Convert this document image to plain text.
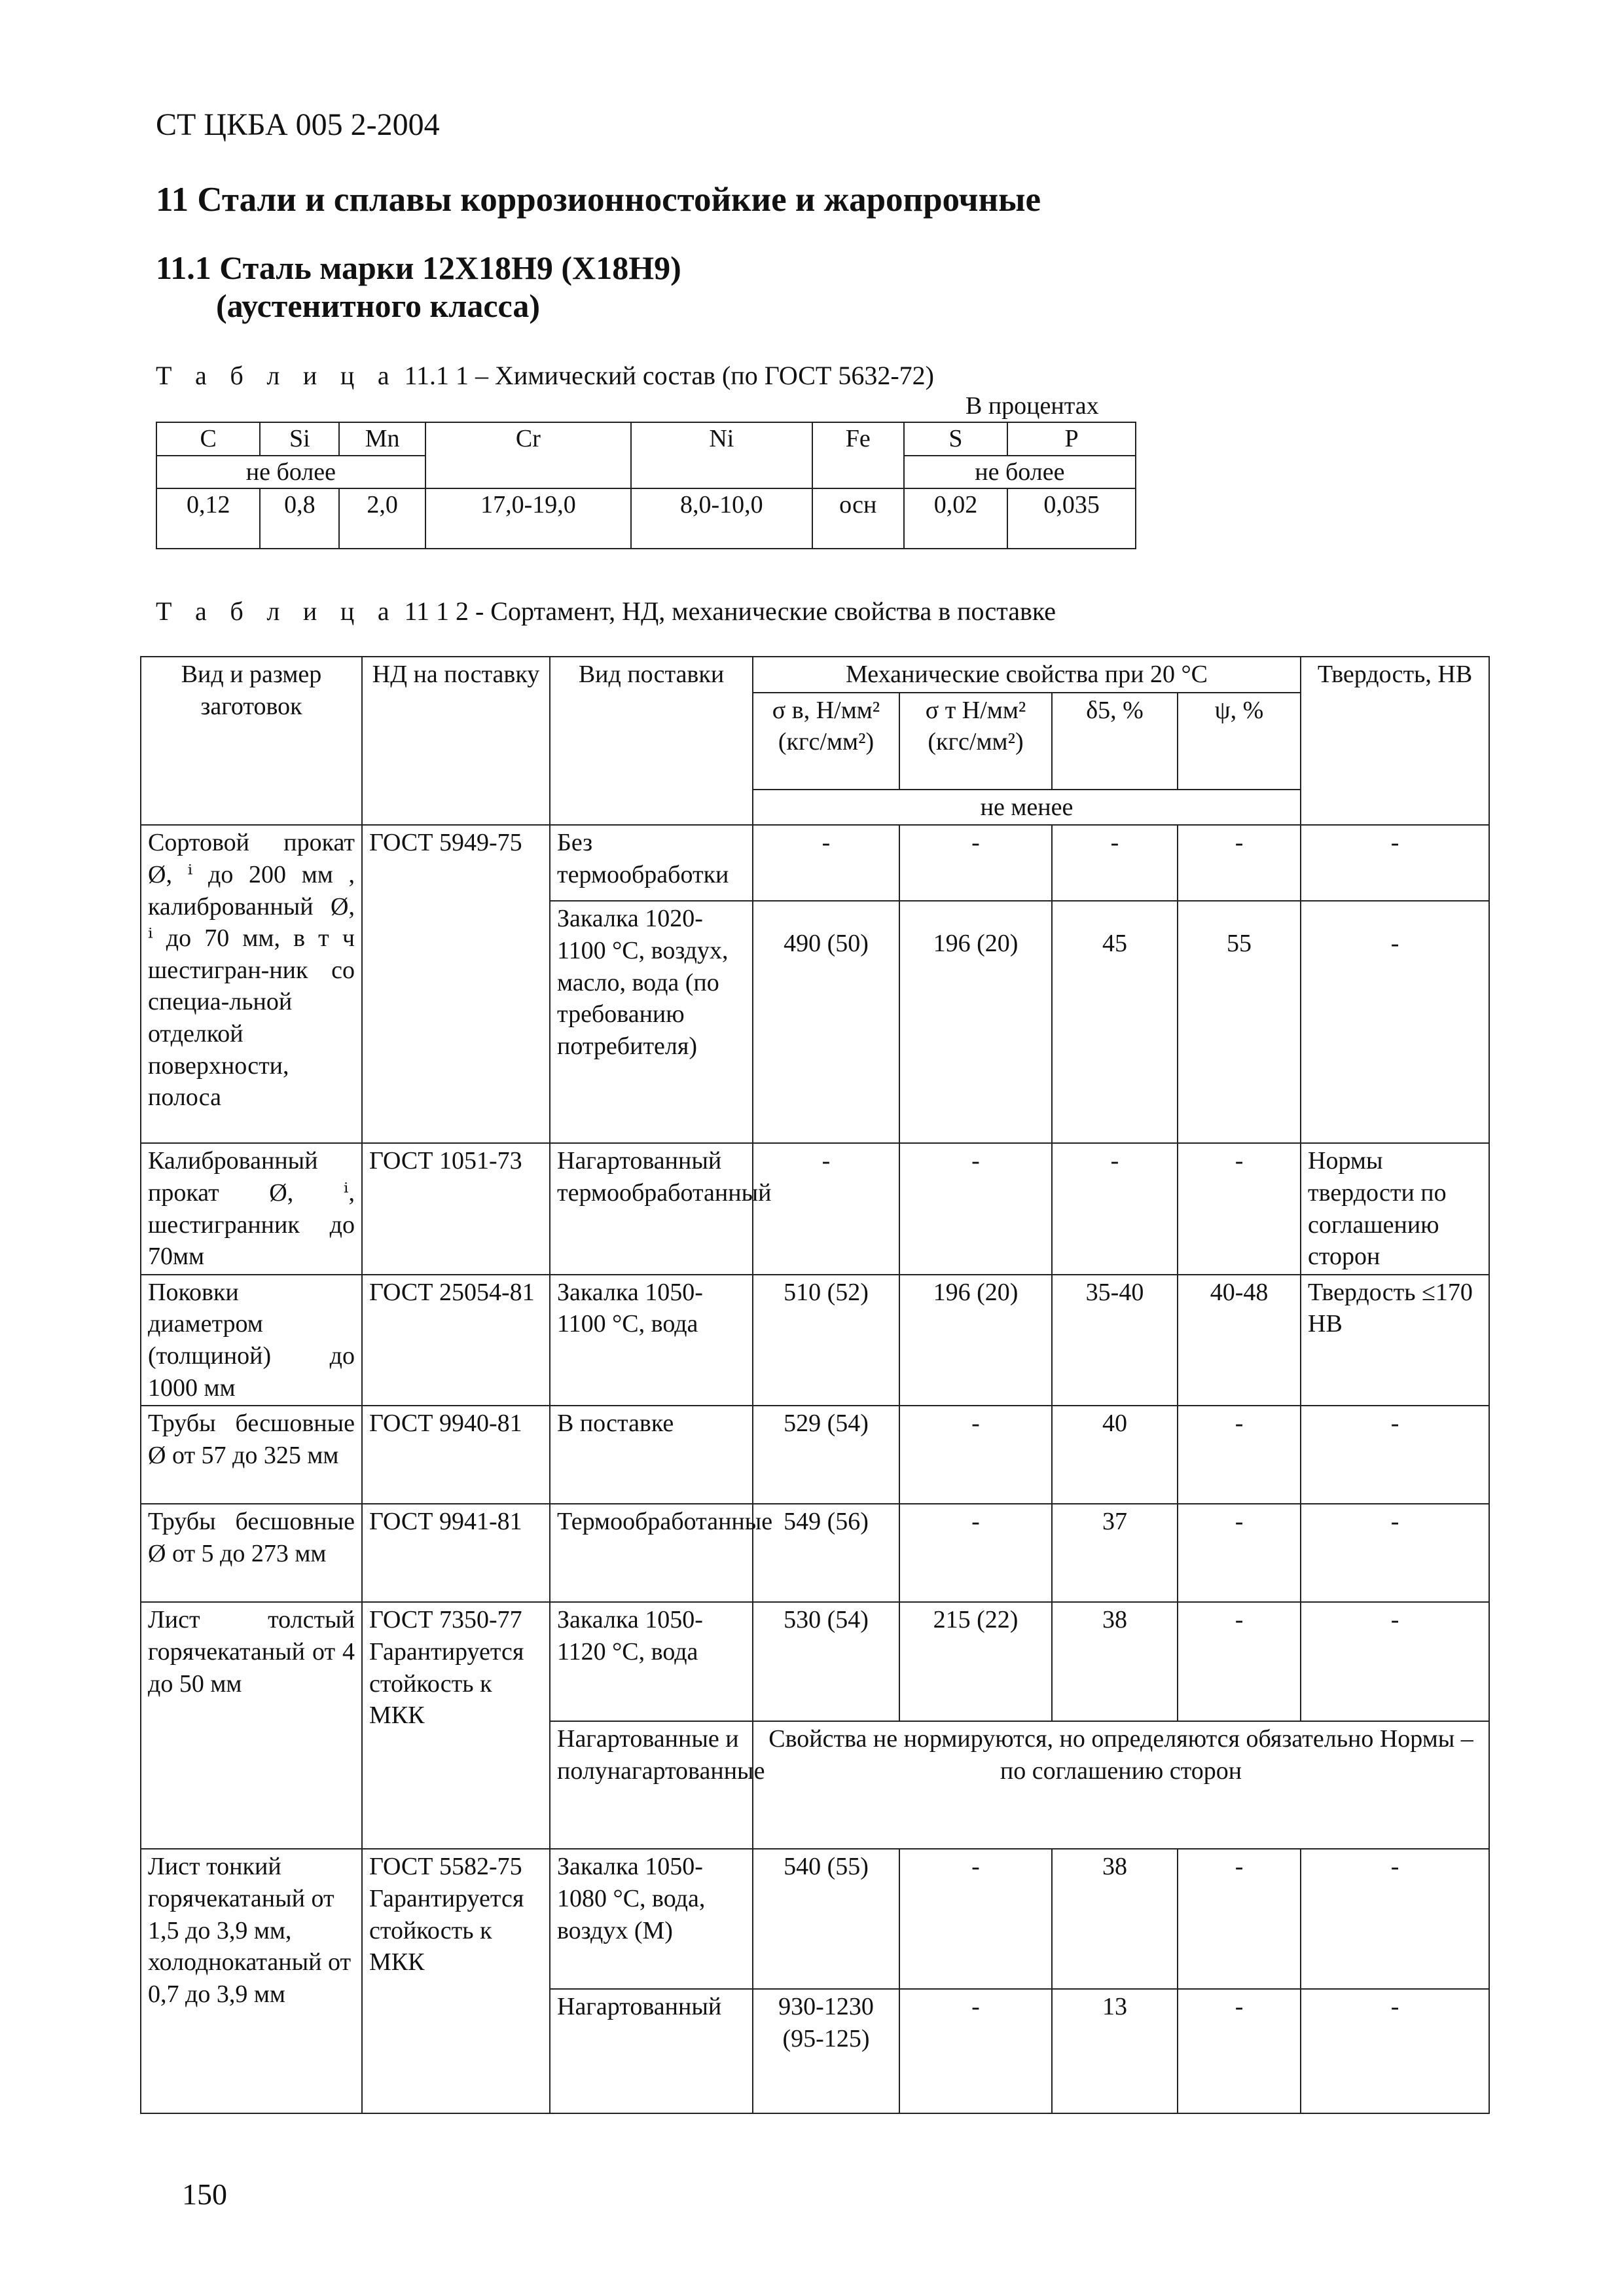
СТ ЦКБА 005 2-2004
11 Стали и сплавы коррозионностойкие и жаропрочные
11.1 Сталь марки 12Х18Н9 (Х18Н9)
(аустенитного класса)
Т а б л и ц а 11.1 1 – Химический состав (по ГОСТ 5632-72)
В процентах
С	Si	Mn	Cr	Ni	Fe	S	P
не более						не более	
0,12	0,8	2,0	17,0-19,0	8,0-10,0	осн	0,02	0,035
Т а б л и ц а 11 1 2 - Сортамент, НД, механические свойства в поставке
Вид и размер заготовок	НД на поставку	Вид поставки	Механические свойства при 20 °С				Твердость, НВ
			σ в, Н/мм² (кгс/мм²)	σ т Н/мм² (кгс/мм²)	δ5, %	ψ, %	
			не менее				
Сортовой прокат Ø, ⁱ до 200 мм , калиброванный Ø, ⁱ до 70 мм, в т ч шестигран-ник со специа-льной отделкой поверхности, полоса	ГОСТ 5949-75	Без термообработки	-	-	-	-	-
		Закалка 1020-1100 °С, воздух, масло, вода (по требованию потребителя)	490 (50)	196 (20)	45	55	-
Калиброванный прокат Ø, ⁱ, шестигранник до 70мм	ГОСТ 1051-73	Нагартованный термообработанный	-	-	-	-	Нормы твердости по соглашению сторон
Поковки диаметром (толщиной) до 1000 мм	ГОСТ 25054-81	Закалка 1050-1100 °С, вода	510 (52)	196 (20)	35-40	40-48	Твердость ≤170 НВ
Трубы бесшовные Ø от 57 до 325 мм	ГОСТ 9940-81	В поставке	529 (54)	-	40	-	-
Трубы бесшовные Ø от 5 до 273 мм	ГОСТ 9941-81	Термообработанные	549 (56)	-	37	-	-
Лист толстый горячекатаный от 4 до 50 мм	ГОСТ 7350-77 Гарантируется стойкость к МКК	Закалка 1050-1120 °С, вода	530 (54)	215 (22)	38	-	-
		Нагартованные и полунагартованные	Свойства не нормируются, но определяются обязательно Нормы – по соглашению сторон				
Лист тонкий горячекатаный от 1,5 до 3,9 мм, холоднокатаный от 0,7 до 3,9 мм	ГОСТ 5582-75 Гарантируется стойкость к МКК	Закалка 1050-1080 °С, вода, воздух (М)	540 (55)	-	38	-	-
		Нагартованный	930-1230 (95-125)	-	13	-	-
150
